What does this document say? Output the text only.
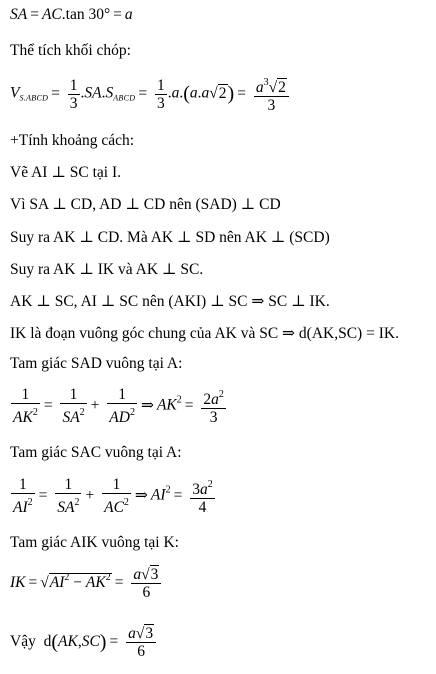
SA = AC.tan 30° = a
Thể tích khối chóp:
VS.ABCD = $\frac{1}{3}$ .SA.SABCD = $\frac{1}{3} .a.(a.a√2) = \frac{a^3√2}{3}$
+Tính khoảng cách:
Vẽ AI ⊥ SC tại I.
Vì SA ⊥ CD, AD ⊥ CD nên (SAD) ⊥ CD
Suy ra AK ⊥ CD. Mà AK ⊥ SD nên AK ⊥ (SCD)
Suy ra AK ⊥ IK và AK ⊥ SC.
AK ⊥ SC, AI ⊥ SC nên (AKI) ⊥ SC ⇒ SC ⊥ IK.
IK là đoạn vuông góc chung của AK và SC ⇒ d(AK,SC) = IK.
Tam giác SAD vuông tại A:
$\frac{1}{AK^2} = \frac{1}{SA^2} + \frac{1}{AD^2}$ ⇒ $AK^2 = \frac{2a^2}{3}$
Tam giác SAC vuông tại A:
$\frac{1}{AI^2} = \frac{1}{SA^2} + \frac{1}{AC^2}$ ⇒ $AI^2 = \frac{3a^2}{4}$
Tam giác AIK vuông tại K:
IK = $√AI^2 - AK^2 = \frac{a√3}{6}$
Vậy  $d(AK,SC) = \frac{a√3}{6}$
